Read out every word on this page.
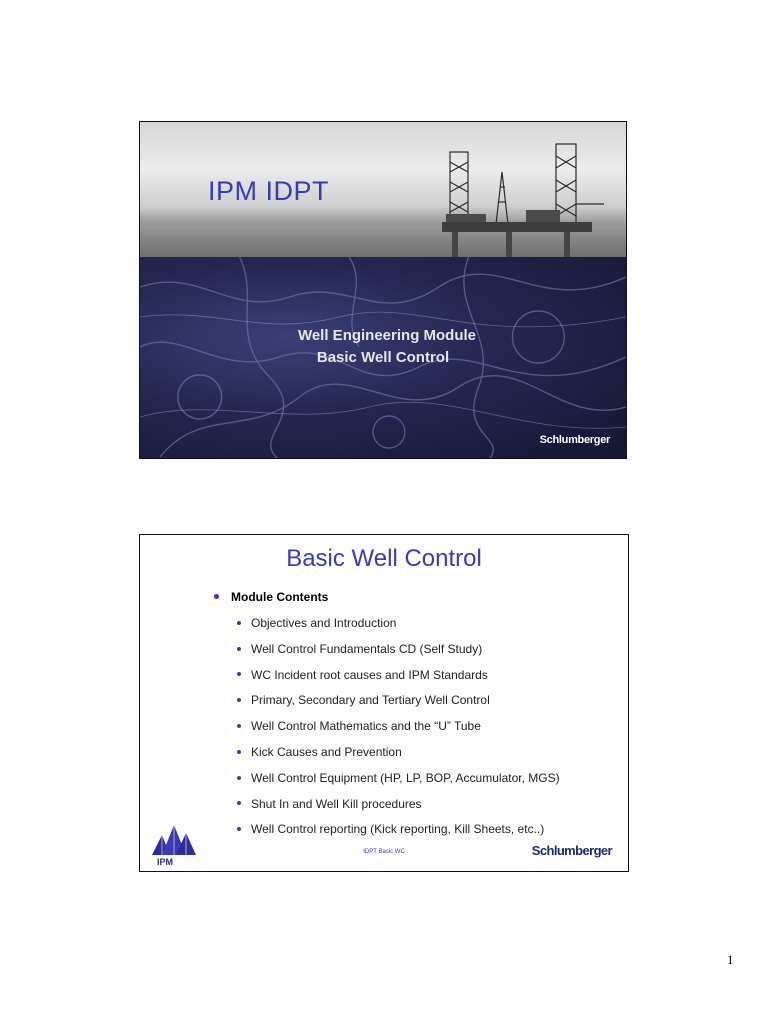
IPM IDPT
Well Engineering Module
Basic Well Control
Schlumberger
Basic Well Control
Module Contents
Objectives and Introduction
Well Control Fundamentals CD (Self Study)
WC Incident root causes and IPM Standards
Primary, Secondary and Tertiary Well Control
Well Control Mathematics and the “U” Tube
Kick Causes and Prevention
Well Control Equipment (HP, LP, BOP, Accumulator, MGS)
Shut In and Well Kill procedures
Well Control reporting (Kick reporting, Kill Sheets, etc..)
IPM
IDPT Basic WC	Schlumberger
1
